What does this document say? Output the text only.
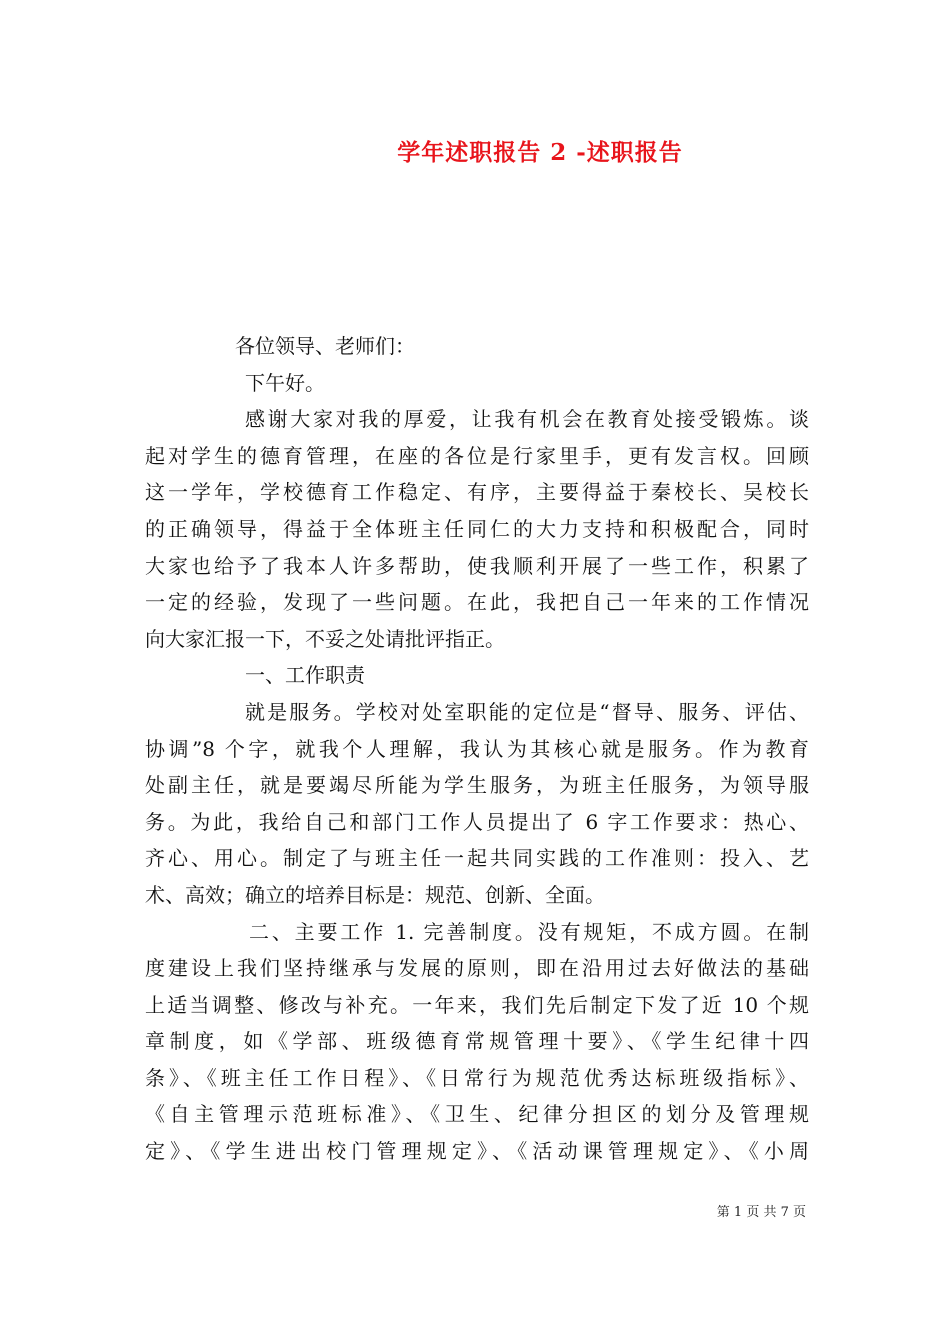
学年述职报告 2 -述职报告
各位领导、老师们：
下午好。
感谢大家对我的厚爱，让我有机会在教育处接受锻炼。谈
起对学生的德育管理，在座的各位是行家里手，更有发言权。回顾
这一学年，学校德育工作稳定、有序，主要得益于秦校长、吴校长
的正确领导，得益于全体班主任同仁的大力支持和积极配合，同时
大家也给予了我本人许多帮助，使我顺利开展了一些工作，积累了
一定的经验，发现了一些问题。在此，我把自己一年来的工作情况
向大家汇报一下，不妥之处请批评指正。
一、工作职责
就是服务。学校对处室职能的定位是“督导、服务、评估、
协调”8 个字，就我个人理解，我认为其核心就是服务。作为教育
处副主任，就是要竭尽所能为学生服务，为班主任服务，为领导服
务。为此，我给自己和部门工作人员提出了 6 字工作要求：热心、
齐心、用心。制定了与班主任一起共同实践的工作准则：投入、艺
术、高效；确立的培养目标是：规范、创新、全面。
二、主要工作 1. 完善制度。没有规矩，不成方圆。在制
度建设上我们坚持继承与发展的原则，即在沿用过去好做法的基础
上适当调整、修改与补充。一年来，我们先后制定下发了近 10 个规
章制度，如《学部、班级德育常规管理十要》、《学生纪律十四
条》、《班主任工作日程》、《日常行为规范优秀达标班级指标》、
《自主管理示范班标准》、《卫生、纪律分担区的划分及管理规
定》、《学生进出校门管理规定》、《活动课管理规定》、《小周
第 1 页 共 7 页
